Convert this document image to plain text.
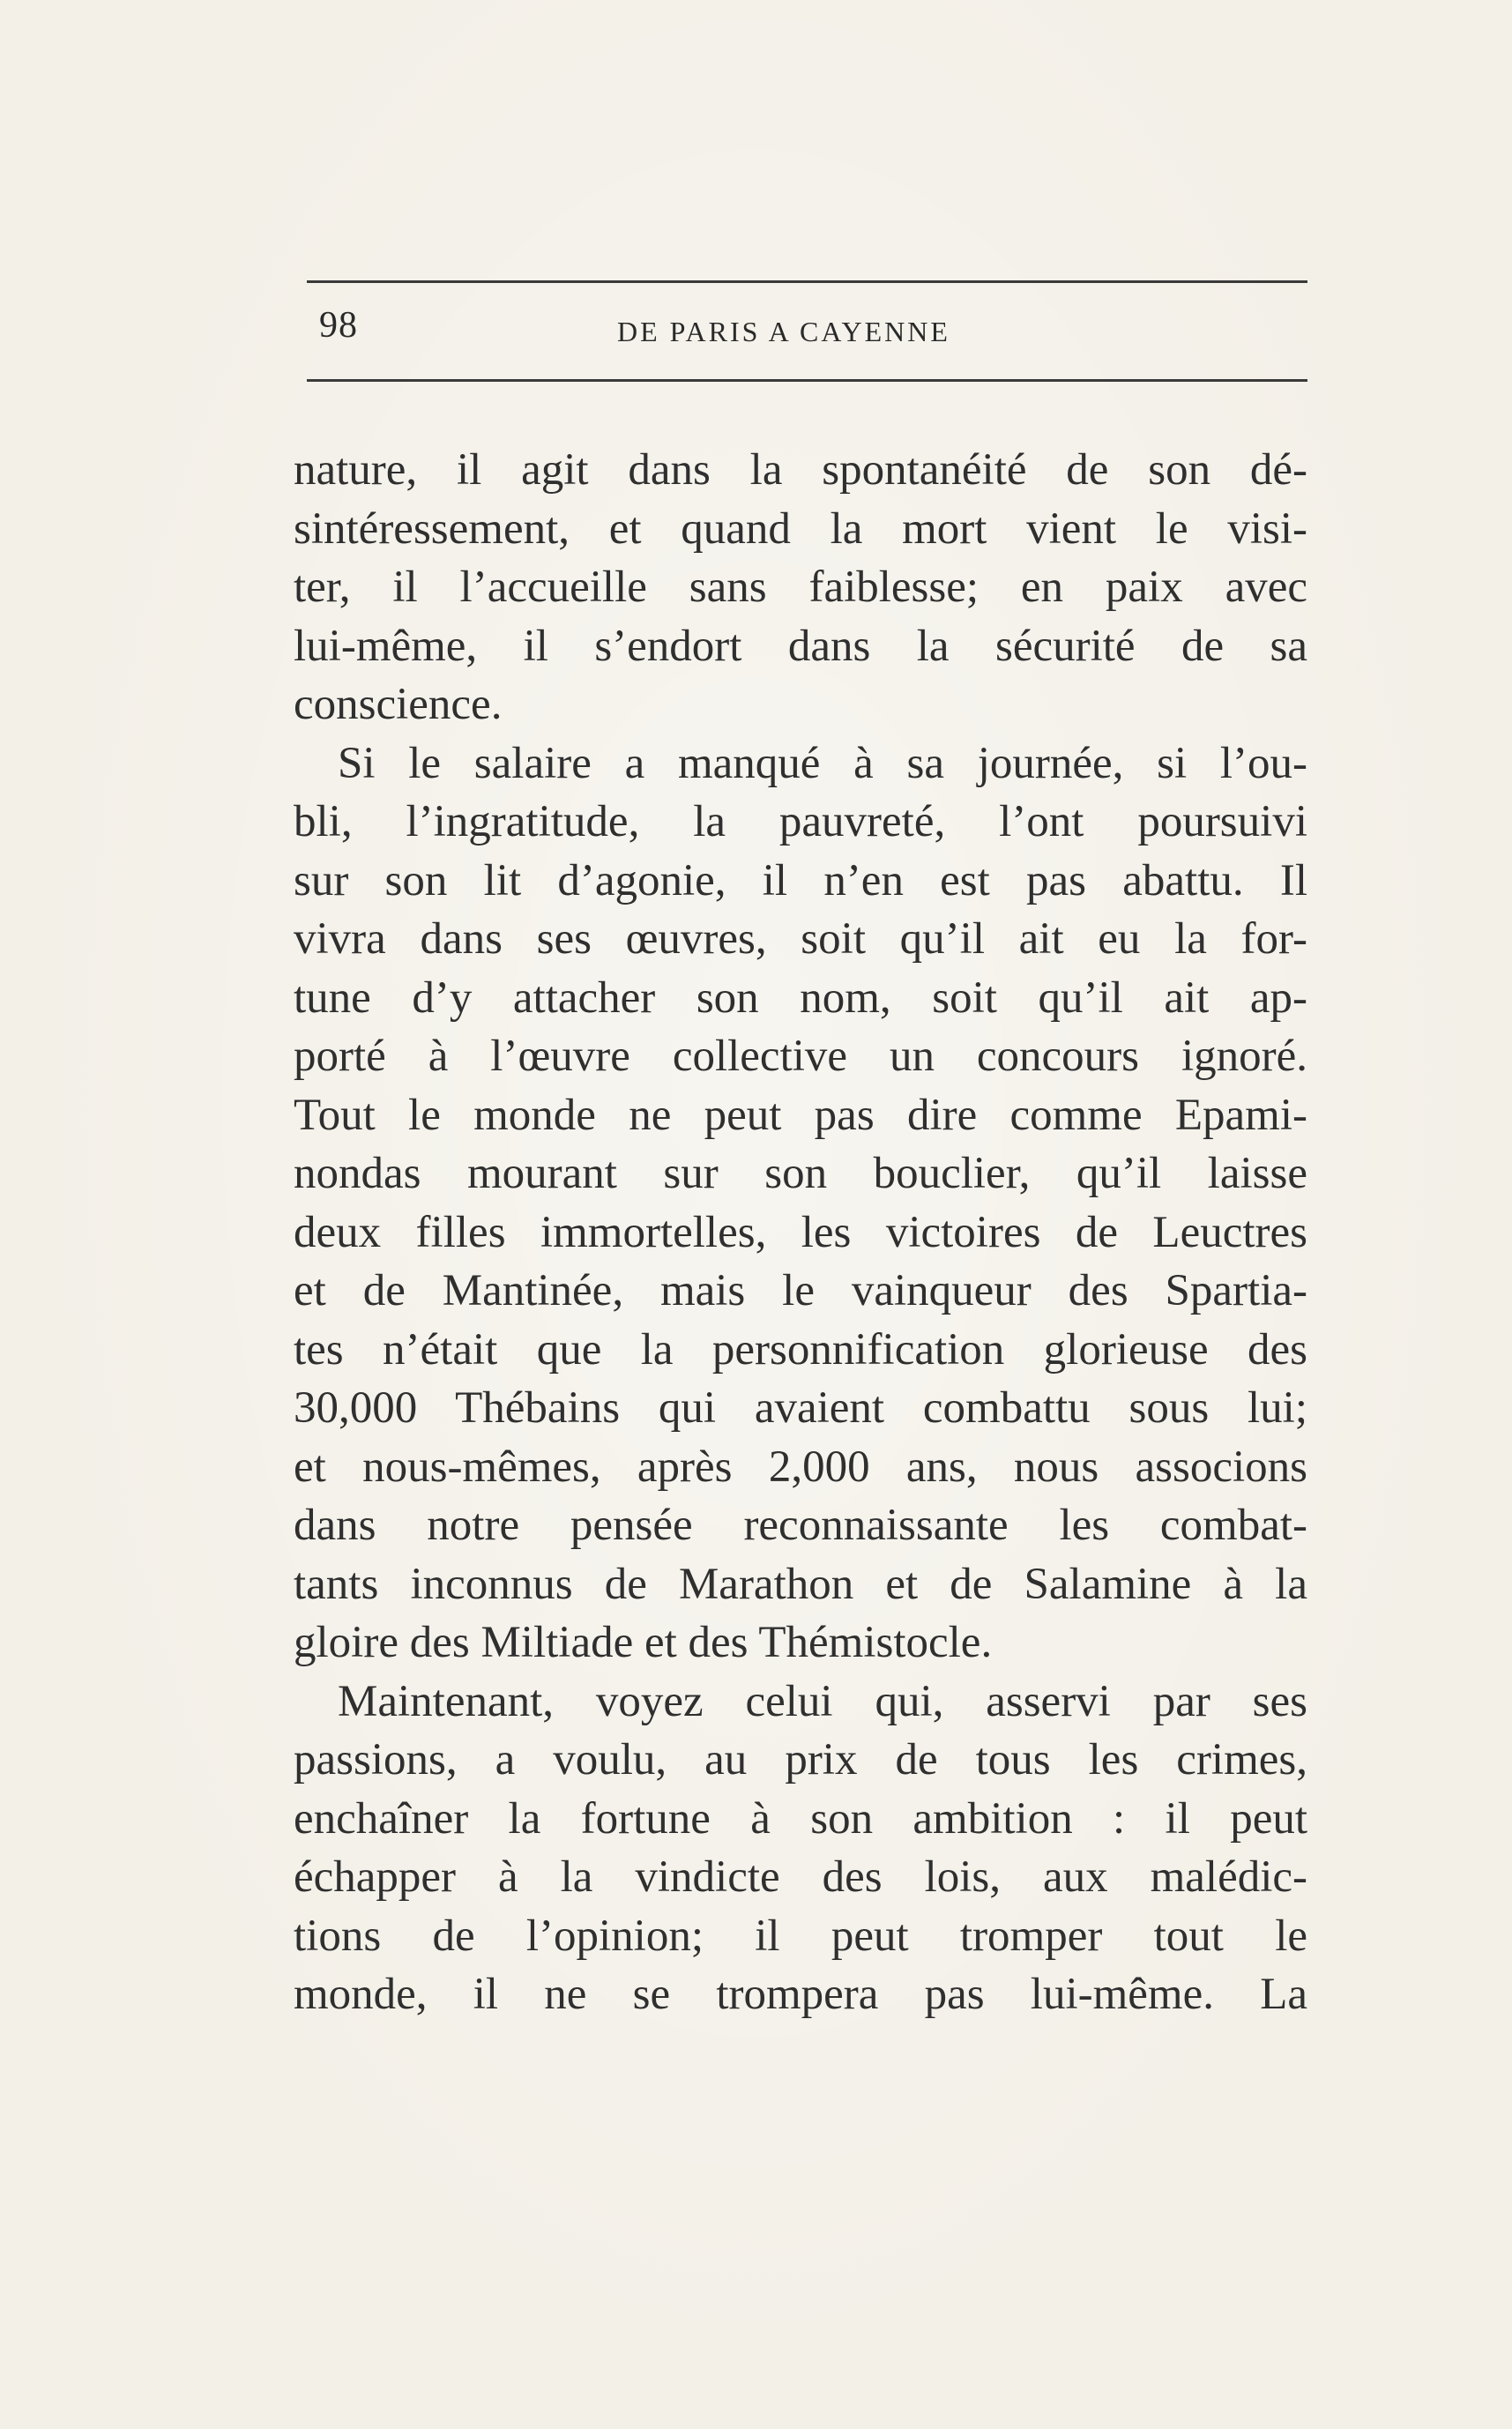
98	DE PARIS A CAYENNE
nature, il agit dans la spontanéité de son dé-
sintéressement, et quand la mort vient le visi-
ter, il l’accueille sans faiblesse; en paix avec
lui-même, il s’endort dans la sécurité de sa
conscience.
Si le salaire a manqué à sa journée, si l’ou-
bli, l’ingratitude, la pauvreté, l’ont poursuivi
sur son lit d’agonie, il n’en est pas abattu. Il
vivra dans ses œuvres, soit qu’il ait eu la for-
tune d’y attacher son nom, soit qu’il ait ap-
porté à l’œuvre collective un concours ignoré.
Tout le monde ne peut pas dire comme Epami-
nondas mourant sur son bouclier, qu’il laisse
deux filles immortelles, les victoires de Leuctres
et de Mantinée, mais le vainqueur des Spartia-
tes n’était que la personnification glorieuse des
30,000 Thébains qui avaient combattu sous lui;
et nous-mêmes, après 2,000 ans, nous associons
dans notre pensée reconnaissante les combat-
tants inconnus de Marathon et de Salamine à la
gloire des Miltiade et des Thémistocle.
Maintenant, voyez celui qui, asservi par ses
passions, a voulu, au prix de tous les crimes,
enchaîner la fortune à son ambition : il peut
échapper à la vindicte des lois, aux malédic-
tions de l’opinion; il peut tromper tout le
monde, il ne se trompera pas lui-même. La
